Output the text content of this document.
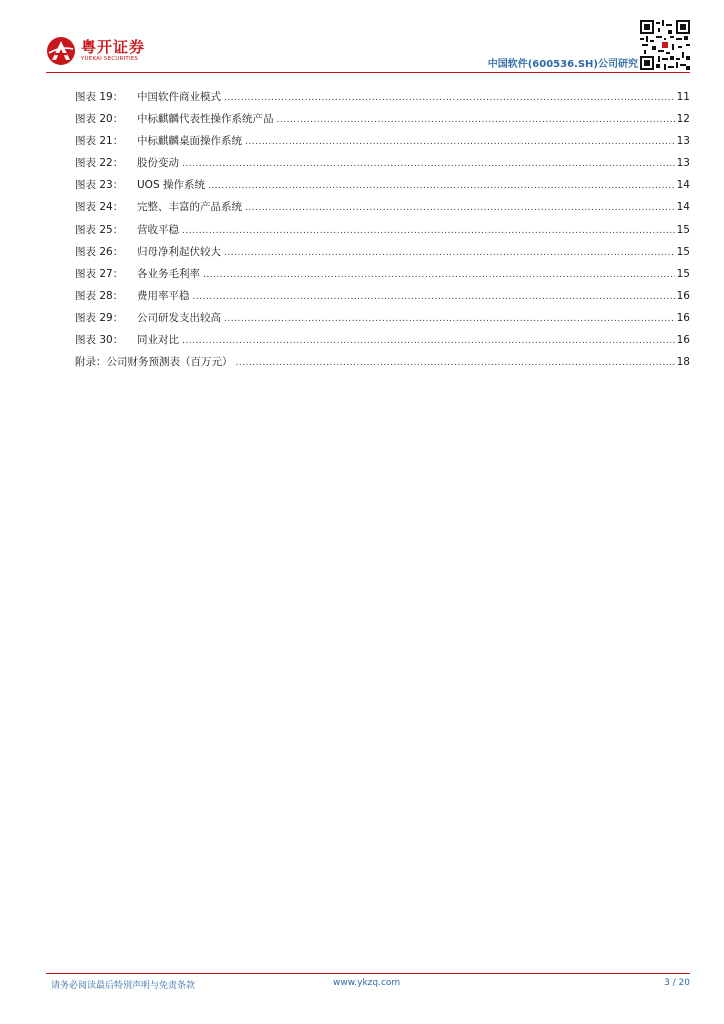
粤开证券
YUEKAI SECURITIES	中国软件(600536.SH)公司研究
图表 19： 中国软件商业模式 .....	11
图表 20： 中标麒麟代表性操作系统产品 .....	12
图表 21： 中标麒麟桌面操作系统 .....	13
图表 22： 股份变动 .....	13
图表 23： UOS 操作系统 .....	14
图表 24： 完整、丰富的产品系统 .....	14
图表 25： 营收平稳 .....	15
图表 26： 归母净利起伏较大 .....	15
图表 27： 各业务毛利率 .....	15
图表 28： 费用率平稳 .....	16
图表 29： 公司研发支出较高 .....	16
图表 30： 同业对比 .....	16
附录：公司财务预测表（百万元） .....	18
请务必阅读最后特别声明与免责条款	www.ykzq.com	3 / 20
